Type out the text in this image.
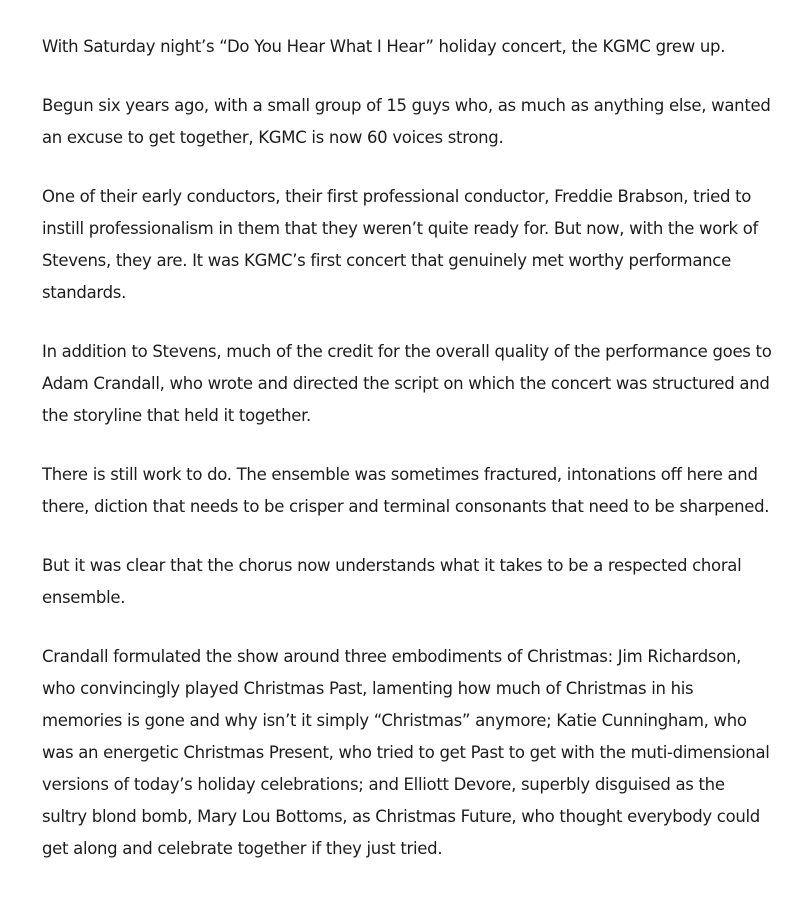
With Saturday night’s “Do You Hear What I Hear” holiday concert, the KGMC grew up.

Begun six years ago, with a small group of 15 guys who, as much as anything else, wanted an excuse to get together, KGMC is now 60 voices strong.

One of their early conductors, their first professional conductor, Freddie Brabson, tried to instill professionalism in them that they weren’t quite ready for. But now, with the work of Stevens, they are. It was KGMC’s first concert that genuinely met worthy performance standards.

In addition to Stevens, much of the credit for the overall quality of the performance goes to Adam Crandall, who wrote and directed the script on which the concert was structured and the storyline that held it together.

There is still work to do. The ensemble was sometimes fractured, intonations off here and there, diction that needs to be crisper and terminal consonants that need to be sharpened.

But it was clear that the chorus now understands what it takes to be a respected choral ensemble.

Crandall formulated the show around three embodiments of Christmas: Jim Richardson, who convincingly played Christmas Past, lamenting how much of Christmas in his memories is gone and why isn’t it simply “Christmas” anymore; Katie Cunningham, who was an energetic Christmas Present, who tried to get Past to get with the muti-dimensional versions of today’s holiday celebrations; and Elliott Devore, superbly disguised as the sultry blond bomb, Mary Lou Bottoms, as Christmas Future, who thought everybody could get along and celebrate together if they just tried.
